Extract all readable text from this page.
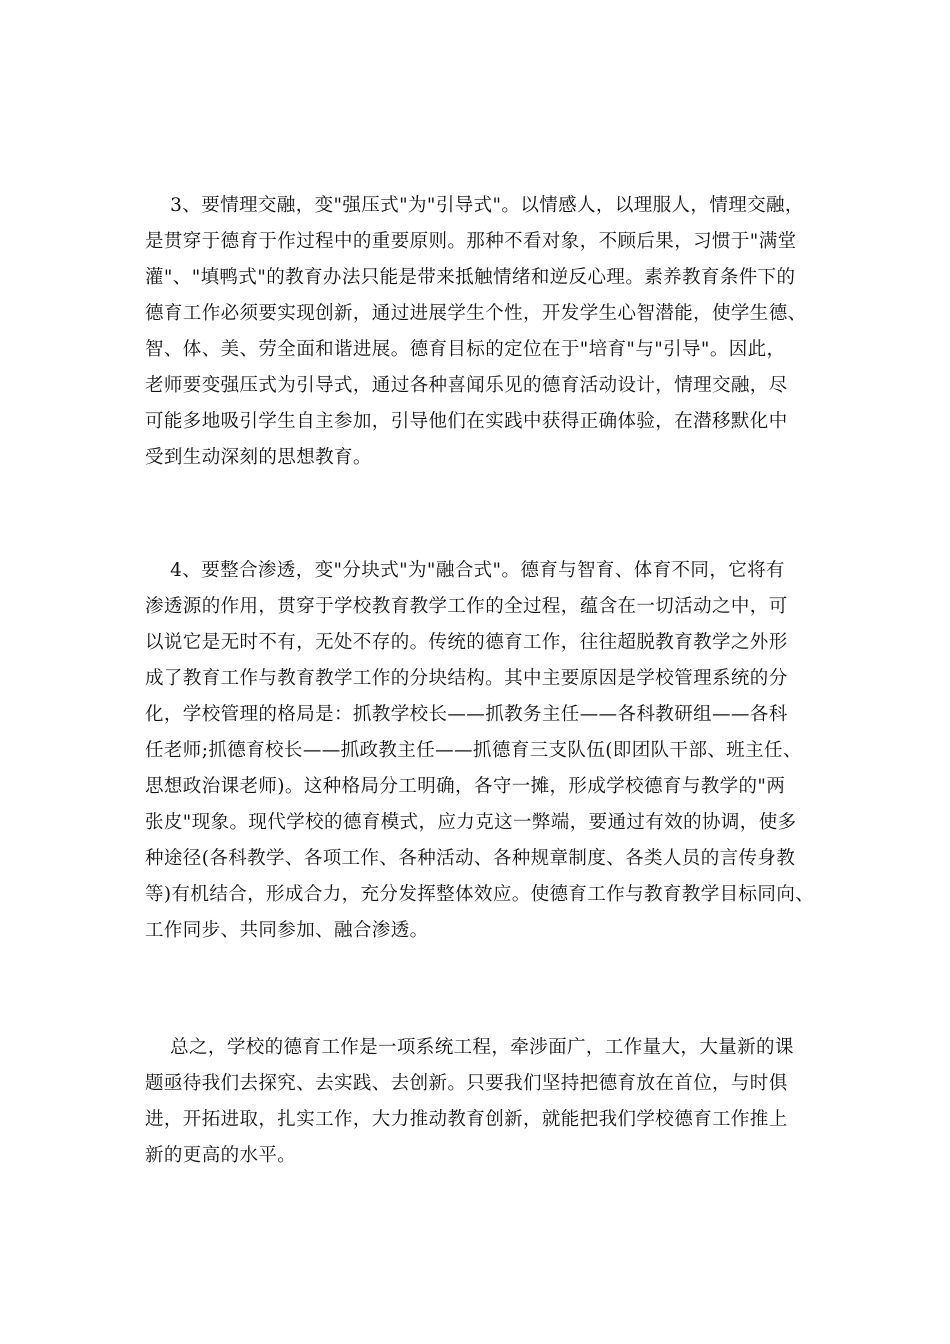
3、要情理交融，变"强压式"为"引导式"。以情感人，以理服人，情理交融，
是贯穿于德育于作过程中的重要原则。那种不看对象，不顾后果，习惯于"满堂
灌"、"填鸭式"的教育办法只能是带来抵触情绪和逆反心理。素养教育条件下的
德育工作必须要实现创新，通过进展学生个性，开发学生心智潜能，使学生德、
智、体、美、劳全面和谐进展。德育目标的定位在于"培育"与"引导"。因此，
老师要变强压式为引导式，通过各种喜闻乐见的德育活动设计，情理交融，尽
可能多地吸引学生自主参加，引导他们在实践中获得正确体验，在潜移默化中
受到生动深刻的思想教育。
4、要整合渗透，变"分块式"为"融合式"。德育与智育、体育不同，它将有
渗透源的作用，贯穿于学校教育教学工作的全过程，蕴含在一切活动之中，可
以说它是无时不有，无处不存的。传统的德育工作，往往超脱教育教学之外形
成了教育工作与教育教学工作的分块结构。其中主要原因是学校管理系统的分
化，学校管理的格局是：抓教学校长——抓教务主任——各科教研组——各科
任老师;抓德育校长——抓政教主任——抓德育三支队伍(即团队干部、班主任、
思想政治课老师)。这种格局分工明确，各守一摊，形成学校德育与教学的"两
张皮"现象。现代学校的德育模式，应力克这一弊端，要通过有效的协调，使多
种途径(各科教学、各项工作、各种活动、各种规章制度、各类人员的言传身教
等)有机结合，形成合力，充分发挥整体效应。使德育工作与教育教学目标同向、
工作同步、共同参加、融合渗透。
总之，学校的德育工作是一项系统工程，牵涉面广，工作量大，大量新的课
题亟待我们去探究、去实践、去创新。只要我们坚持把德育放在首位，与时俱
进，开拓进取，扎实工作，大力推动教育创新，就能把我们学校德育工作推上
新的更高的水平。
